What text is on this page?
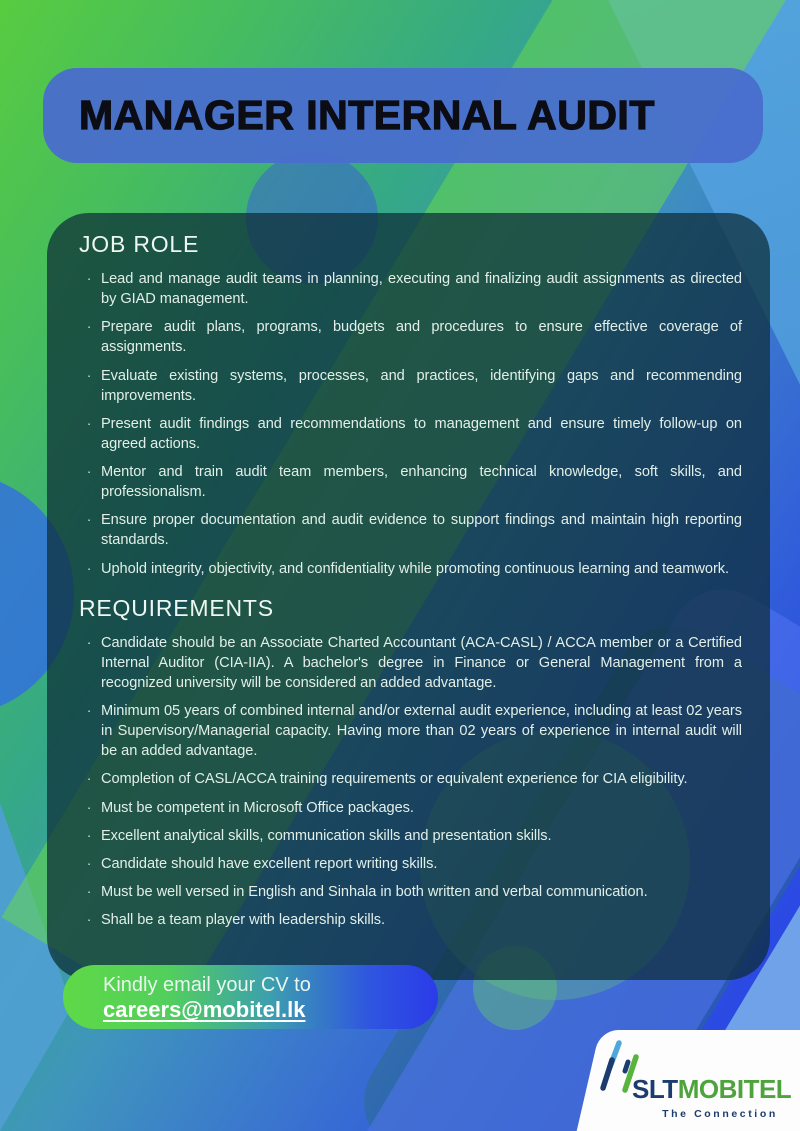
MANAGER INTERNAL AUDIT
JOB ROLE
· Lead and manage audit teams in planning, executing and finalizing audit assignments as directed by GIAD management.
· Prepare audit plans, programs, budgets and procedures to ensure effective coverage of assignments.
· Evaluate existing systems, processes, and practices, identifying gaps and recommending improvements.
· Present audit findings and recommendations to management and ensure timely follow-up on agreed actions.
· Mentor and train audit team members, enhancing technical knowledge, soft skills, and professionalism.
· Ensure proper documentation and audit evidence to support findings and maintain high reporting standards.
· Uphold integrity, objectivity, and confidentiality while promoting continuous learning and teamwork.
REQUIREMENTS
· Candidate should be an Associate Charted Accountant (ACA-CASL) / ACCA member or a Certified Internal Auditor (CIA-IIA). A bachelor's degree in Finance or General Management from a recognized university will be considered an added advantage.
· Minimum 05 years of combined internal and/or external audit experience, including at least 02 years in Supervisory/Managerial capacity. Having more than 02 years of experience in internal audit will be an added advantage.
· Completion of CASL/ACCA training requirements or equivalent experience for CIA eligibility.
· Must be competent in Microsoft Office packages.
· Excellent analytical skills, communication skills and presentation skills.
· Candidate should have excellent report writing skills.
· Must be well versed in English and Sinhala in both written and verbal communication.
· Shall be a team player with leadership skills.
Kindly email your CV to
careers@mobitel.lk
SLTMOBITEL
The Connection
